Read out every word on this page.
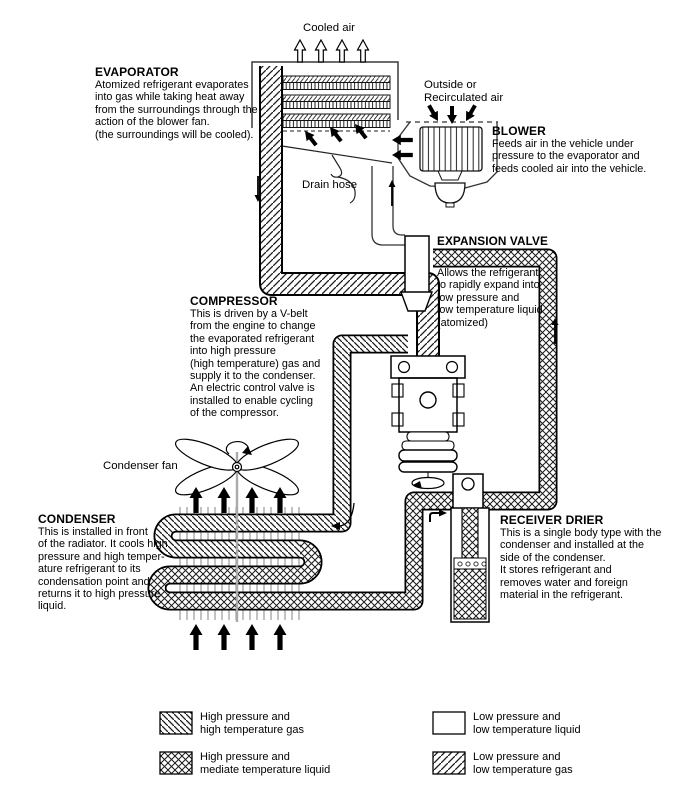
Cooled air
EVAPORATOR
Atomized refrigerant evaporates
into gas while taking heat away
from the surroundings through the
action of the blower fan.
(the surroundings will be cooled).
Outside or
Recirculated air
BLOWER
Feeds air in the vehicle under
pressure to the evaporator and
feeds cooled air into the vehicle.
Drain hose
EXPANSION VALVE
Allows the refrigerant
to rapidly expand into
low pressure and
low temperature liquid
(atomized)
COMPRESSOR
This is driven by a V-belt
from the engine to change
the evaporated refrigerant
into high pressure
(high temperature) gas and
supply it to the condenser.
An electric control valve is
installed to enable cycling
of the compressor.
Condenser fan
CONDENSER
This is installed in front
of the radiator. It cools high
pressure and high temper-
ature refrigerant to its
condensation point and
returns it to high pressure
liquid.
RECEIVER DRIER
This is a single body type with the
condenser and installed at the
side of the condenser.
It stores refrigerant and
removes water and foreign
material in the refrigerant.
High pressure and
high temperature gas
High pressure and
mediate temperature liquid
Low pressure and
low temperature liquid
Low pressure and
low temperature gas
